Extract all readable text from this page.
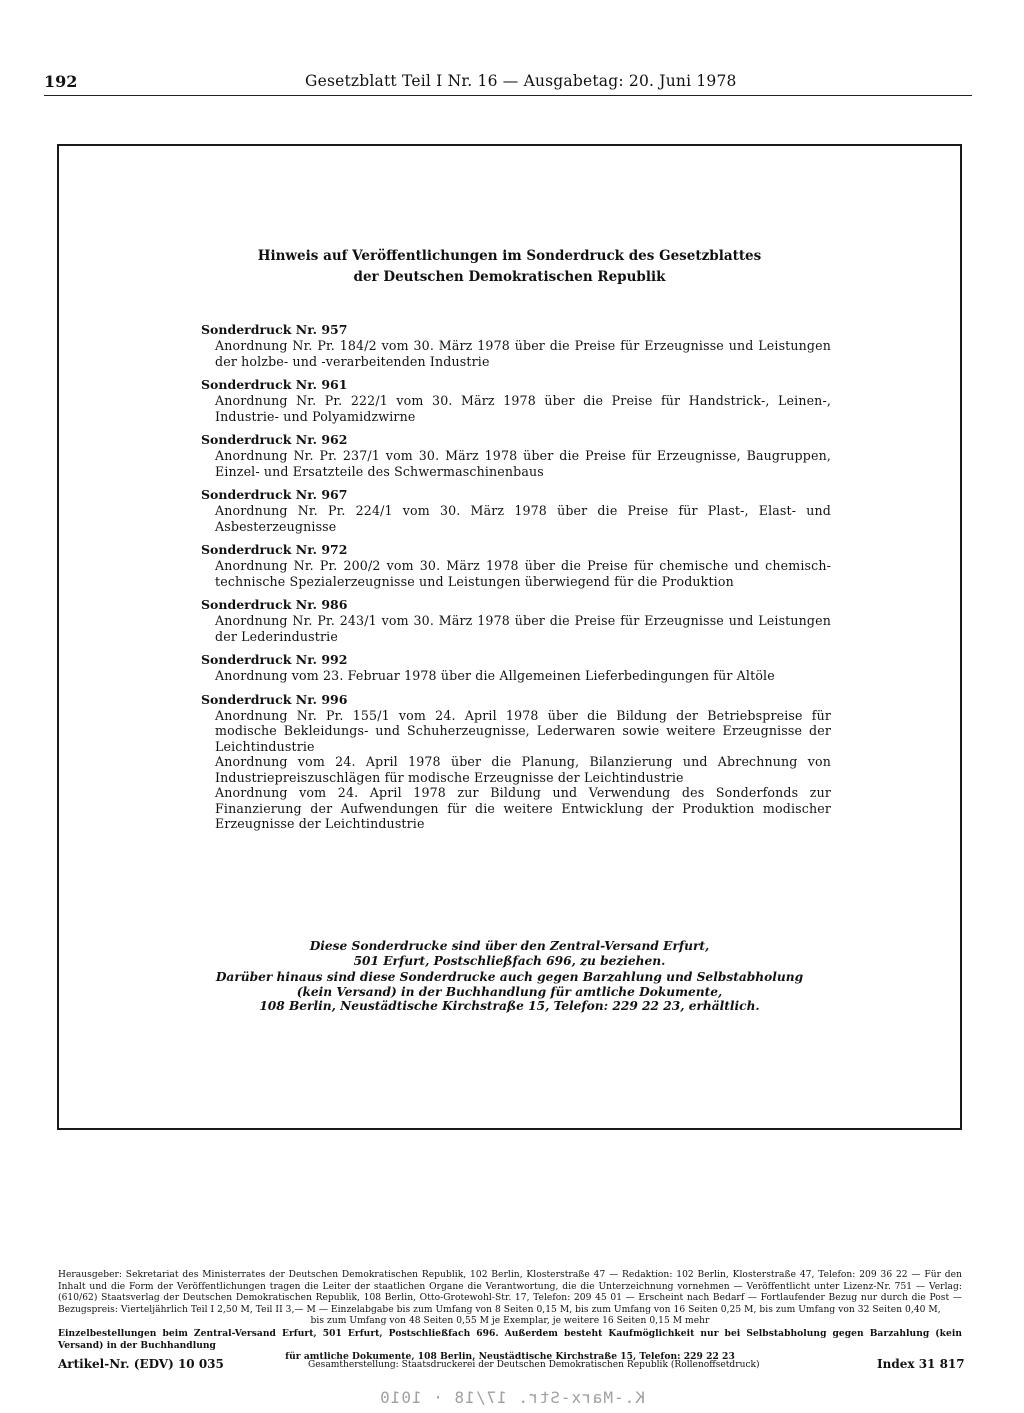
192	Gesetzblatt Teil I Nr. 16 — Ausgabetag: 20. Juni 1978
Hinweis auf Veröffentlichungen im Sonderdruck des Gesetzblattes
der Deutschen Demokratischen Republik
Sonderdruck Nr. 957

Anordnung Nr. Pr. 184/2 vom 30. März 1978 über die Preise für Erzeugnisse und Leistungen der holzbe- und -verarbeitenden Industrie

Sonderdruck Nr. 961

Anordnung Nr. Pr. 222/1 vom 30. März 1978 über die Preise für Handstrick-, Leinen-, Industrie- und Polyamidzwirne

Sonderdruck Nr. 962

Anordnung Nr. Pr. 237/1 vom 30. März 1978 über die Preise für Erzeugnisse, Baugruppen, Einzel- und Ersatzteile des Schwermaschinenbaus

Sonderdruck Nr. 967

Anordnung Nr. Pr. 224/1 vom 30. März 1978 über die Preise für Plast-, Elast- und Asbesterzeugnisse

Sonderdruck Nr. 972

Anordnung Nr. Pr. 200/2 vom 30. März 1978 über die Preise für chemische und chemisch-technische Spezialerzeugnisse und Leistungen überwiegend für die Produktion

Sonderdruck Nr. 986

Anordnung Nr. Pr. 243/1 vom 30. März 1978 über die Preise für Erzeugnisse und Leistungen der Lederindustrie

Sonderdruck Nr. 992

Anordnung vom 23. Februar 1978 über die Allgemeinen Lieferbedingungen für Altöle

Sonderdruck Nr. 996

Anordnung Nr. Pr. 155/1 vom 24. April 1978 über die Bildung der Betriebspreise für modische Bekleidungs- und Schuherzeugnisse, Lederwaren sowie weitere Erzeugnisse der Leichtindustrie

Anordnung vom 24. April 1978 über die Planung, Bilanzierung und Abrechnung von Industriepreiszuschlägen für modische Erzeugnisse der Leichtindustrie

Anordnung vom 24. April 1978 zur Bildung und Verwendung des Sonderfonds zur Finanzierung der Aufwendungen für die weitere Entwicklung der Produktion modischer Erzeugnisse der Leichtindustrie

Diese Sonderdrucke sind über den Zentral-Versand Erfurt,
501 Erfurt, Postschließfach 696, zu beziehen.
Darüber hinaus sind diese Sonderdrucke auch gegen Barzahlung und Selbstabholung
(kein Versand) in der Buchhandlung für amtliche Dokumente,
108 Berlin, Neustädtische Kirchstraße 15, Telefon: 229 22 23, erhältlich.
Herausgeber: Sekretariat des Ministerrates der Deutschen Demokratischen Republik, 102 Berlin, Klosterstraße 47 — Redaktion: 102 Berlin, Klosterstraße 47, Telefon: 209 36 22 — Für den Inhalt und die Form der Veröffentlichungen tragen die Leiter der staatlichen Organe die Verantwortung, die die Unterzeichnung vornehmen — Veröffentlicht unter Lizenz-Nr. 751 — Verlag: (610/62) Staatsverlag der Deutschen Demokratischen Republik, 108 Berlin, Otto-Grotewohl-Str. 17, Telefon: 209 45 01 — Erscheint nach Bedarf — Fortlaufender Bezug nur durch die Post — Bezugspreis: Vierteljährlich Teil I 2,50 M, Teil II 3,— M — Einzelabgabe bis zum Umfang von 8 Seiten 0,15 M, bis zum Umfang von 16 Seiten 0,25 M, bis zum Umfang von 32 Seiten 0,40 M,
bis zum Umfang von 48 Seiten 0,55 M je Exemplar, je weitere 16 Seiten 0,15 M mehr
Einzelbestellungen beim Zentral-Versand Erfurt, 501 Erfurt, Postschließfach 696. Außerdem besteht Kaufmöglichkeit nur bei Selbstabholung gegen Barzahlung (kein Versand) in der Buchhandlung
für amtliche Dokumente, 108 Berlin, Neustädtische Kirchstraße 15, Telefon: 229 22 23
Artikel-Nr. (EDV) 10 035	Gesamtherstellung: Staatsdruckerei der Deutschen Demokratischen Republik (Rollenoffsetdruck)	Index 31 817
K.-Marx-Str. 17/18 · 1010
